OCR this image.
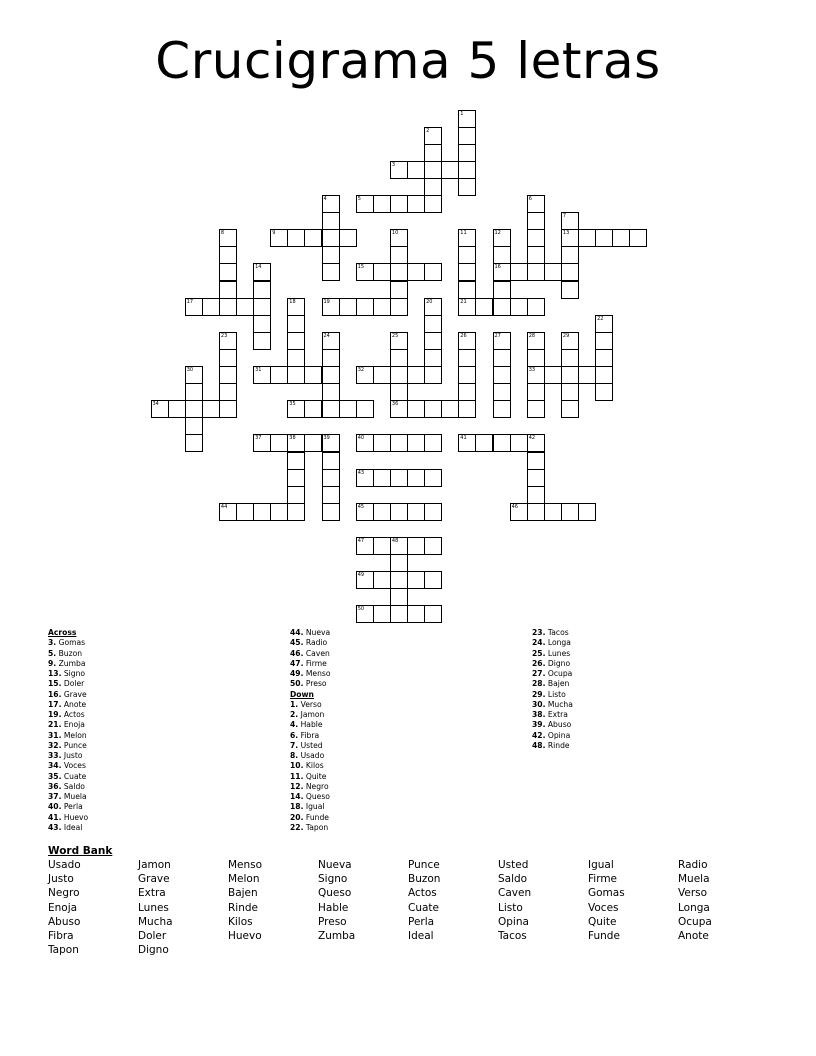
Crucigrama 5 letras
1
2
3
5
4	6
7
13
9
8	10	11
21
12
16
15
14
17	19
18	20
22
23	24	25
36
26	27	28
33
29
30	31	32
34	35
37	38	39	40	41	42
43
44	45	46
47	48
49
50
Across
3. Gomas
5. Buzon
9. Zumba
13. Signo
15. Doler
16. Grave
17. Anote
19. Actos
21. Enoja
31. Melon
32. Punce
33. Justo
34. Voces
35. Cuate
36. Saldo
37. Muela
40. Perla
41. Huevo
43. Ideal
44. Nueva
45. Radio
46. Caven
47. Firme
49. Menso
50. Preso
Down
1. Verso
2. Jamon
4. Hable
6. Fibra
7. Usted
8. Usado
10. Kilos
11. Quite
12. Negro
14. Queso
18. Igual
20. Funde
22. Tapon
23. Tacos
24. Longa
25. Lunes
26. Digno
27. Ocupa
28. Bajen
29. Listo
30. Mucha
38. Extra
39. Abuso
42. Opina
48. Rinde
Word Bank
Usado	Jamon	Menso	Nueva	Punce	Usted	Igual	Radio
Justo	Grave	Melon	Signo	Buzon	Saldo	Firme	Muela
Negro	Extra	Bajen	Queso	Actos	Caven	Gomas	Verso
Enoja	Lunes	Rinde	Hable	Cuate	Listo	Voces	Longa
Abuso	Mucha	Kilos	Preso	Perla	Opina	Quite	Ocupa
Fibra	Doler	Huevo	Zumba	Ideal	Tacos	Funde	Anote
Tapon	Digno
